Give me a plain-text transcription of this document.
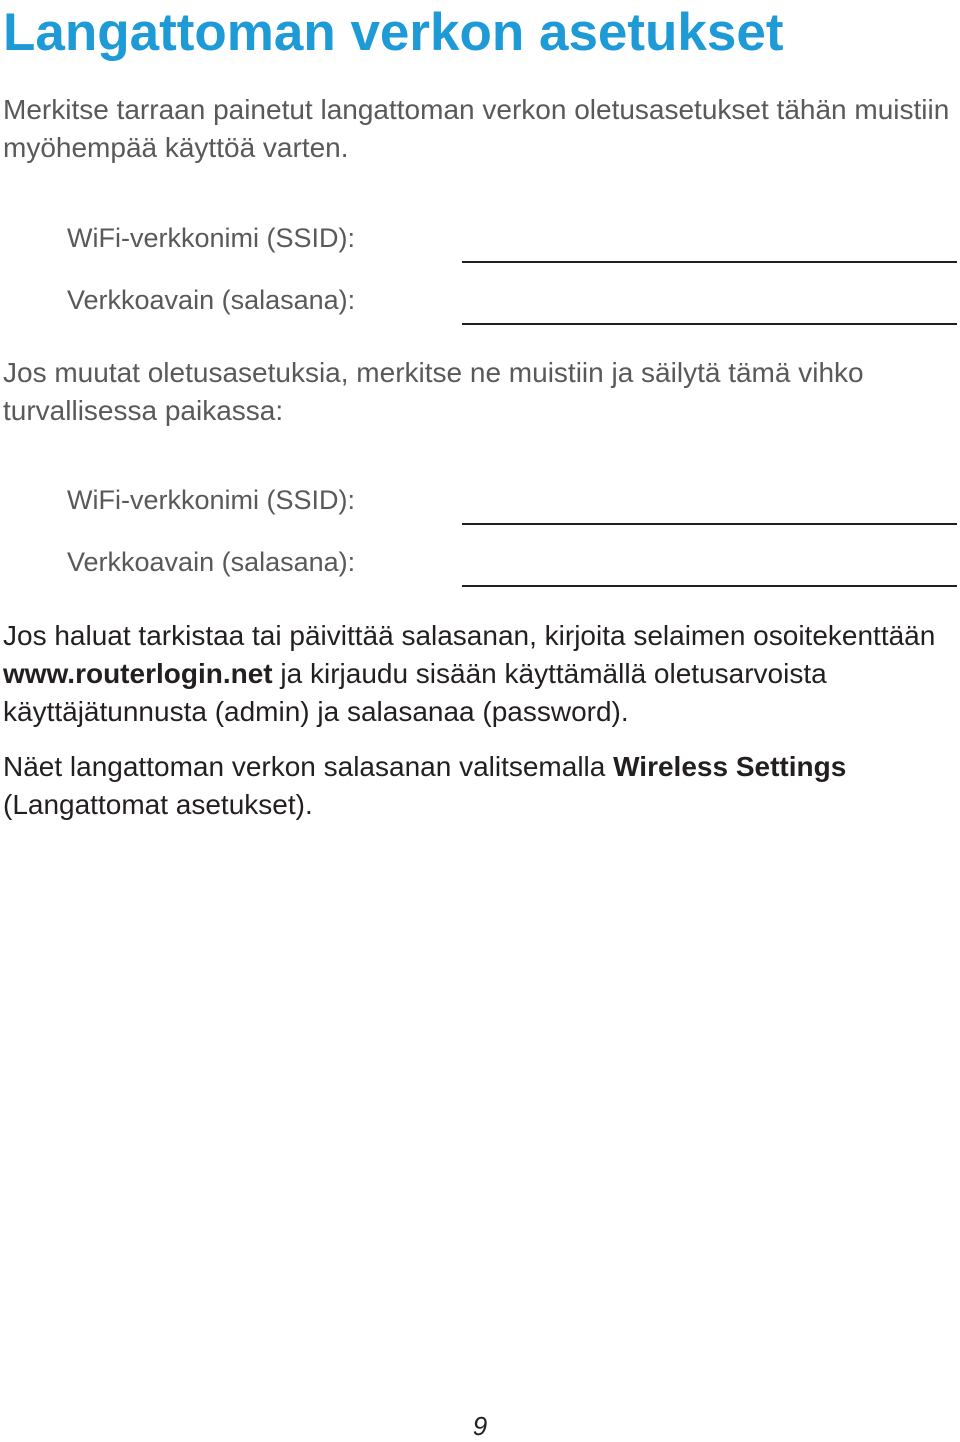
Langattoman verkon asetukset

Merkitse tarraan painetut langattoman verkon oletusasetukset tähän muistiin myöhempää käyttöä varten.

WiFi-verkkonimi (SSID):

Verkkoavain (salasana):

Jos muutat oletusasetuksia, merkitse ne muistiin ja säilytä tämä vihko turvallisessa paikassa:

WiFi-verkkonimi (SSID):

Verkkoavain (salasana):

Jos haluat tarkistaa tai päivittää salasanan, kirjoita selaimen osoitekenttään www.routerlogin.net ja kirjaudu sisään käyttämällä oletusarvoista käyttäjätunnusta (admin) ja salasanaa (password).

Näet langattoman verkon salasanan valitsemalla Wireless Settings (Langattomat asetukset).

9
